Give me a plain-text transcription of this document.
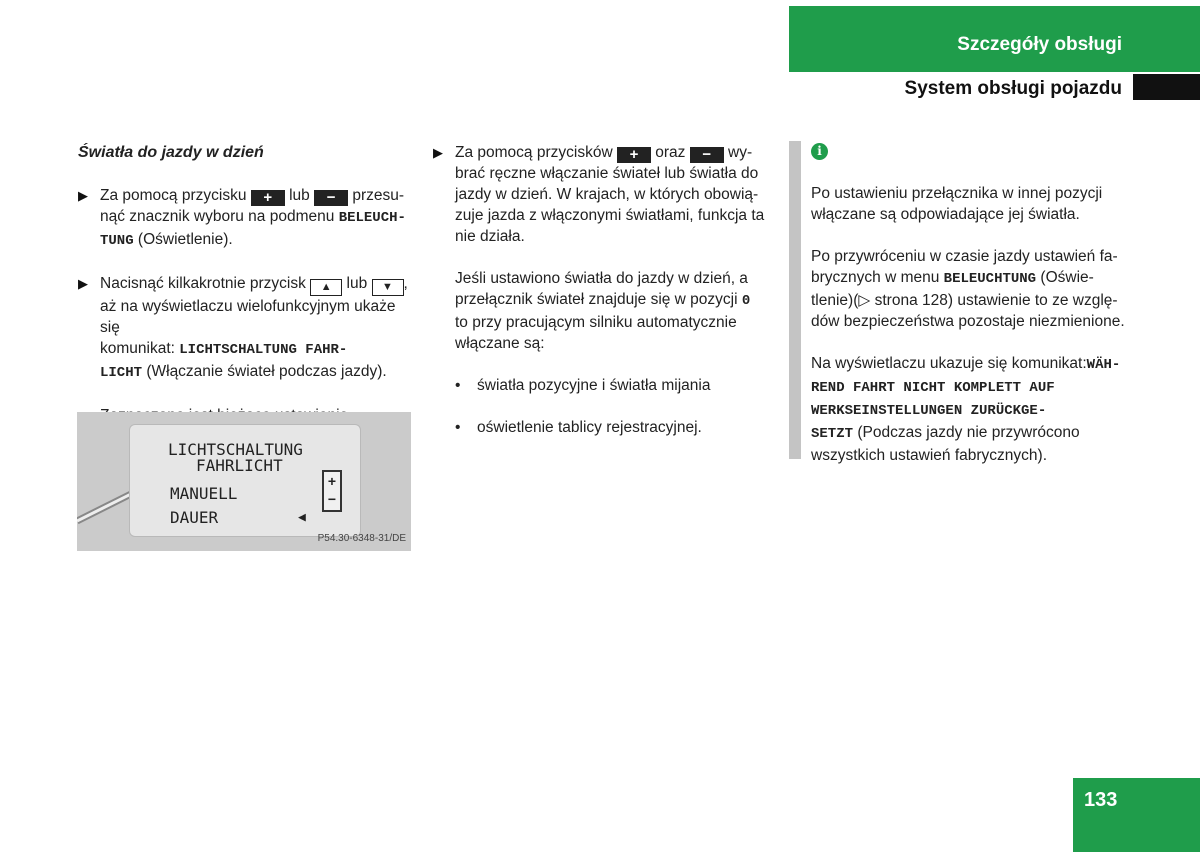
Szczegóły obsługi
System obsługi pojazdu
Światła do jazdy w dzień
▶ Za pomocą przycisku + lub − przesu-
nąć znacznik wyboru na podmenu BELEUCH-
TUNG (Oświetlenie).
▶ Nacisnąć kilkakrotnie przycisk ▲ lub ▼ ,
aż na wyświetlaczu wielofunkcyjnym ukaże się
komunikat: LICHTSCHALTUNG FAHR-
LICHT (Włączanie świateł podczas jazdy).
LICHTSCHALTUNG
FAHRLICHT
MANUELL
DAUER	◀
+
−
P54.30-6348-31/DE
▶ Za pomocą przycisków + oraz − wy-
brać ręczne włączanie świateł lub światła do
jazdy w dzień. W krajach, w których obowią-
zuje jazda z włączonymi światłami, funkcja ta
nie działa.
Jeśli ustawiono światła do jazdy w dzień, a
przełącznik świateł znajduje się w pozycji 0
to przy pracującym silniku automatycznie
włączane są:
• światła pozycyjne i światła mijania
• oświetlenie tablicy rejestracyjnej.
i
Po ustawieniu przełącznika w innej pozycji
włączane są odpowiadające jej światła.
Po przywróceniu w czasie jazdy ustawień fa-
brycznych w menu BELEUCHTUNG (Oświe-
tlenie)(▷ strona 128) ustawienie to ze wzglę-
dów bezpieczeństwa pozostaje niezmienione.
Na wyświetlaczu ukazuje się komunikat:WÄH-
REND FAHRT NICHT KOMPLETT AUF
WERKSEINSTELLUNGEN ZURÜCKGE-
SETZT (Podczas jazdy nie przywrócono
wszystkich ustawień fabrycznych).
133
